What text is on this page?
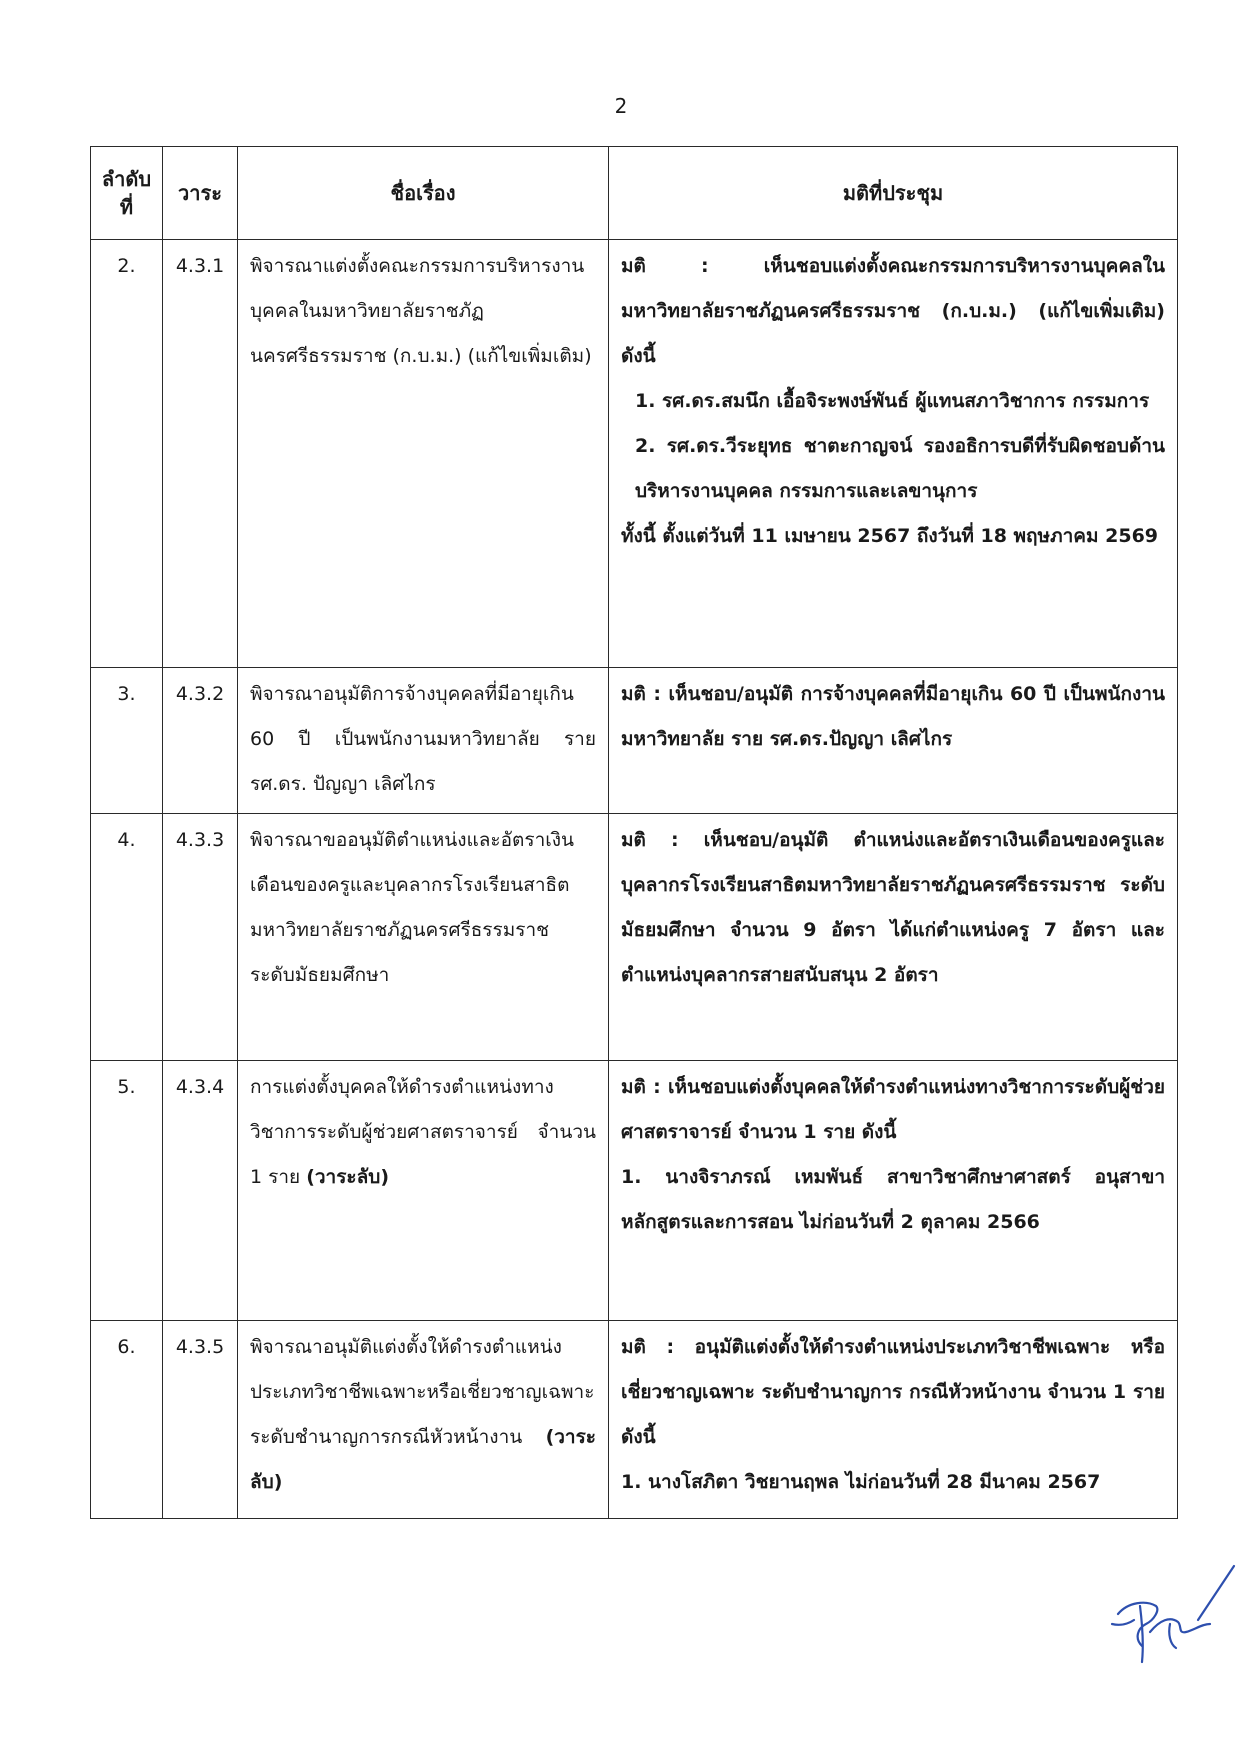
2
ลำดับที่	วาระ	ชื่อเรื่อง	มติที่ประชุม
2.	4.3.1	พิจารณาแต่งตั้งคณะกรรมการบริหารงานบุคคลในมหาวิทยาลัยราชภัฏนครศรีธรรมราช (ก.บ.ม.) (แก้ไขเพิ่มเติม)	มติ : เห็นชอบแต่งตั้งคณะกรรมการบริหารงานบุคคลในมหาวิทยาลัยราชภัฏนครศรีธรรมราช (ก.บ.ม.) (แก้ไขเพิ่มเติม) ดังนี้
1. รศ.ดร.สมนึก เอื้อจิระพงษ์พันธ์ ผู้แทนสภาวิชาการ กรรมการ
2. รศ.ดร.วีระยุทธ ชาตะกาญจน์ รองอธิการบดีที่รับผิดชอบด้านบริหารงานบุคคล กรรมการและเลขานุการ
ทั้งนี้ ตั้งแต่วันที่ 11 เมษายน 2567 ถึงวันที่ 18 พฤษภาคม 2569
3.	4.3.2	พิจารณาอนุมัติการจ้างบุคคลที่มีอายุเกิน 60 ปี เป็นพนักงานมหาวิทยาลัย ราย รศ.ดร. ปัญญา เลิศไกร	มติ : เห็นชอบ/อนุมัติ การจ้างบุคคลที่มีอายุเกิน 60 ปี เป็นพนักงานมหาวิทยาลัย ราย รศ.ดร.ปัญญา เลิศไกร
4.	4.3.3	พิจารณาขออนุมัติตำแหน่งและอัตราเงินเดือนของครูและบุคลากรโรงเรียนสาธิตมหาวิทยาลัยราชภัฏนครศรีธรรมราช ระดับมัธยมศึกษา	มติ : เห็นชอบ/อนุมัติ ตำแหน่งและอัตราเงินเดือนของครูและบุคลากรโรงเรียนสาธิตมหาวิทยาลัยราชภัฏนครศรีธรรมราช ระดับมัธยมศึกษา จำนวน 9 อัตรา ได้แก่ตำแหน่งครู 7 อัตรา และตำแหน่งบุคลากรสายสนับสนุน 2 อัตรา
5.	4.3.4	การแต่งตั้งบุคคลให้ดำรงตำแหน่งทางวิชาการระดับผู้ช่วยศาสตราจารย์ จำนวน 1 ราย (วาระลับ)	มติ : เห็นชอบแต่งตั้งบุคคลให้ดำรงตำแหน่งทางวิชาการระดับผู้ช่วยศาสตราจารย์ จำนวน 1 ราย ดังนี้
1. นางจิราภรณ์ เหมพันธ์ สาขาวิชาศึกษาศาสตร์ อนุสาขาหลักสูตรและการสอน ไม่ก่อนวันที่ 2 ตุลาคม 2566

6.	4.3.5	พิจารณาอนุมัติแต่งตั้งให้ดำรงตำแหน่งประเภทวิชาชีพเฉพาะหรือเชี่ยวชาญเฉพาะระดับชำนาญการกรณีหัวหน้างาน (วาระลับ)	มติ : อนุมัติแต่งตั้งให้ดำรงตำแหน่งประเภทวิชาชีพเฉพาะ หรือเชี่ยวชาญเฉพาะ ระดับชำนาญการ กรณีหัวหน้างาน จำนวน 1 ราย ดังนี้
1. นางโสภิตา วิชยานฤพล ไม่ก่อนวันที่ 28 มีนาคม 2567
